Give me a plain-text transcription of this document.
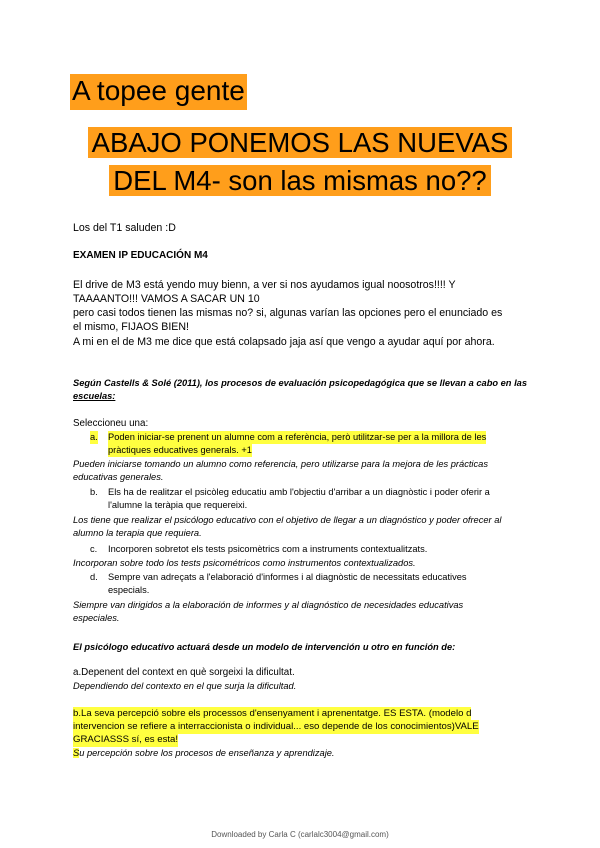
A topee gente
ABAJO PONEMOS LAS NUEVAS
DEL M4- son las mismas no??
Los del T1 saluden :D
EXAMEN IP EDUCACIÓN M4
El drive de M3 está yendo muy bienn, a ver si nos ayudamos igual noosotros!!!! Y
TAAAANTO!!! VAMOS A SACAR UN 10
pero casi todos tienen las mismas no? si, algunas varían las opciones pero el enunciado es
el mismo, FIJAOS BIEN!
A mi en el de M3 me dice que está colapsado jaja así que vengo a ayudar aquí por ahora.
Según Castells & Solé (2011), los procesos de evaluación psicopedagógica que se llevan a cabo en las
escuelas:
Seleccioneu una:
a. Poden iniciar-se prenent un alumne com a referència, però utilitzar-se per a la millora de les
pràctiques educatives generals. +1
Pueden iniciarse tomando un alumno como referencia, pero utilizarse para la mejora de les prácticas
educativas generales.
b. Els ha de realitzar el psicòleg educatiu amb l'objectiu d'arribar a un diagnòstic i poder oferir a
l'alumne la teràpia que requereixi.
Los tiene que realizar el psicólogo educativo con el objetivo de llegar a un diagnóstico y poder ofrecer al
alumno la terapia que requiera.
c. Incorporen sobretot els tests psicomètrics com a instruments contextualitzats.
Incorporan sobre todo los tests psicométricos como instrumentos contextualizados.
d. Sempre van adreçats a l'elaboració d'informes i al diagnòstic de necessitats educatives
especials.
Siempre van dirigidos a la elaboración de informes y al diagnóstico de necesidades educativas
especiales.
El psicólogo educativo actuará desde un modelo de intervención u otro en función de:
a.Depenent del context en què sorgeixi la dificultat.
Dependiendo del contexto en el que surja la dificultad.
b.La seva percepció sobre els processos d'ensenyament i aprenentatge. ES ESTA. (modelo d
intervencion se refiere a interraccionista o individual... eso depende de los conocimientos)VALE
GRACIASSS sí, es esta!
Su percepción sobre los procesos de enseñanza y aprendizaje.
Downloaded by Carla C (carlalc3004@gmail.com)
